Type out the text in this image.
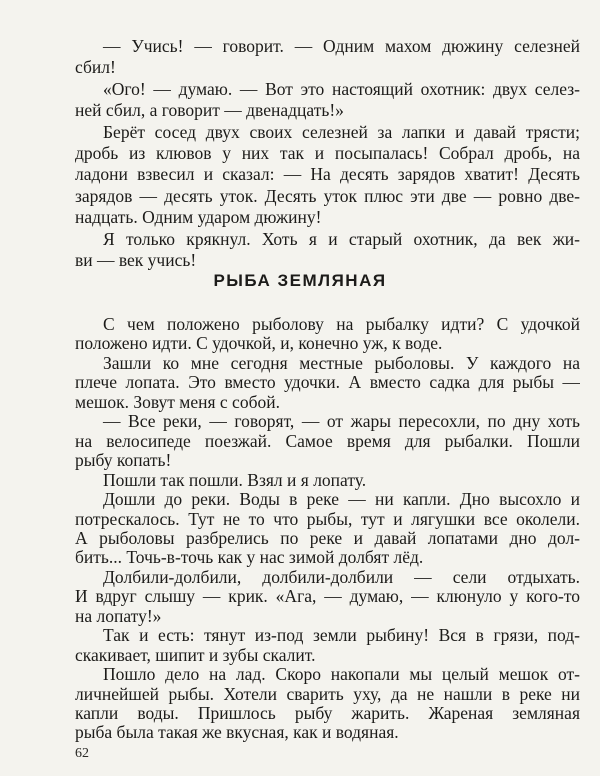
РЫБА ЗЕМЛЯНАЯ
62
— Учись! — говорит. — Одним махом дюжину селезней
сбил!
«Ого! — думаю. — Вот это настоящий охотник: двух селез-
ней сбил, а говорит — двенадцать!»
Берёт сосед двух своих селезней за лапки и давай трясти;
дробь из клювов у них так и посыпалась! Собрал дробь, на
ладони взвесил и сказал: — На десять зарядов хватит! Десять
зарядов — десять уток. Десять уток плюс эти две — ровно две-
надцать. Одним ударом дюжину!
Я только крякнул. Хоть я и старый охотник, да век жи-
ви — век учись!
С чем положено рыболову на рыбалку идти? С удочкой
положено идти. С удочкой, и, конечно уж, к воде.
Зашли ко мне сегодня местные рыболовы. У каждого на
плече лопата. Это вместо удочки. А вместо садка для рыбы —
мешок. Зовут меня с собой.
— Все реки, — говорят, — от жары пересохли, по дну хоть
на велосипеде поезжай. Самое время для рыбалки. Пошли
рыбу копать!
Пошли так пошли. Взял и я лопату.
Дошли до реки. Воды в реке — ни капли. Дно высохло и
потрескалось. Тут не то что рыбы, тут и лягушки все околели.
А рыболовы разбрелись по реке и давай лопатами дно дол-
бить... Точь-в-точь как у нас зимой долбят лёд.
Долбили-долбили, долбили-долбили — сели отдыхать.
И вдруг слышу — крик. «Ага, — думаю, — клюнуло у кого-то
на лопату!»
Так и есть: тянут из-под земли рыбину! Вся в грязи, под-
скакивает, шипит и зубы скалит.
Пошло дело на лад. Скоро накопали мы целый мешок от-
личнейшей рыбы. Хотели сварить уху, да не нашли в реке ни
капли воды. Пришлось рыбу жарить. Жареная земляная
рыба была такая же вкусная, как и водяная.
